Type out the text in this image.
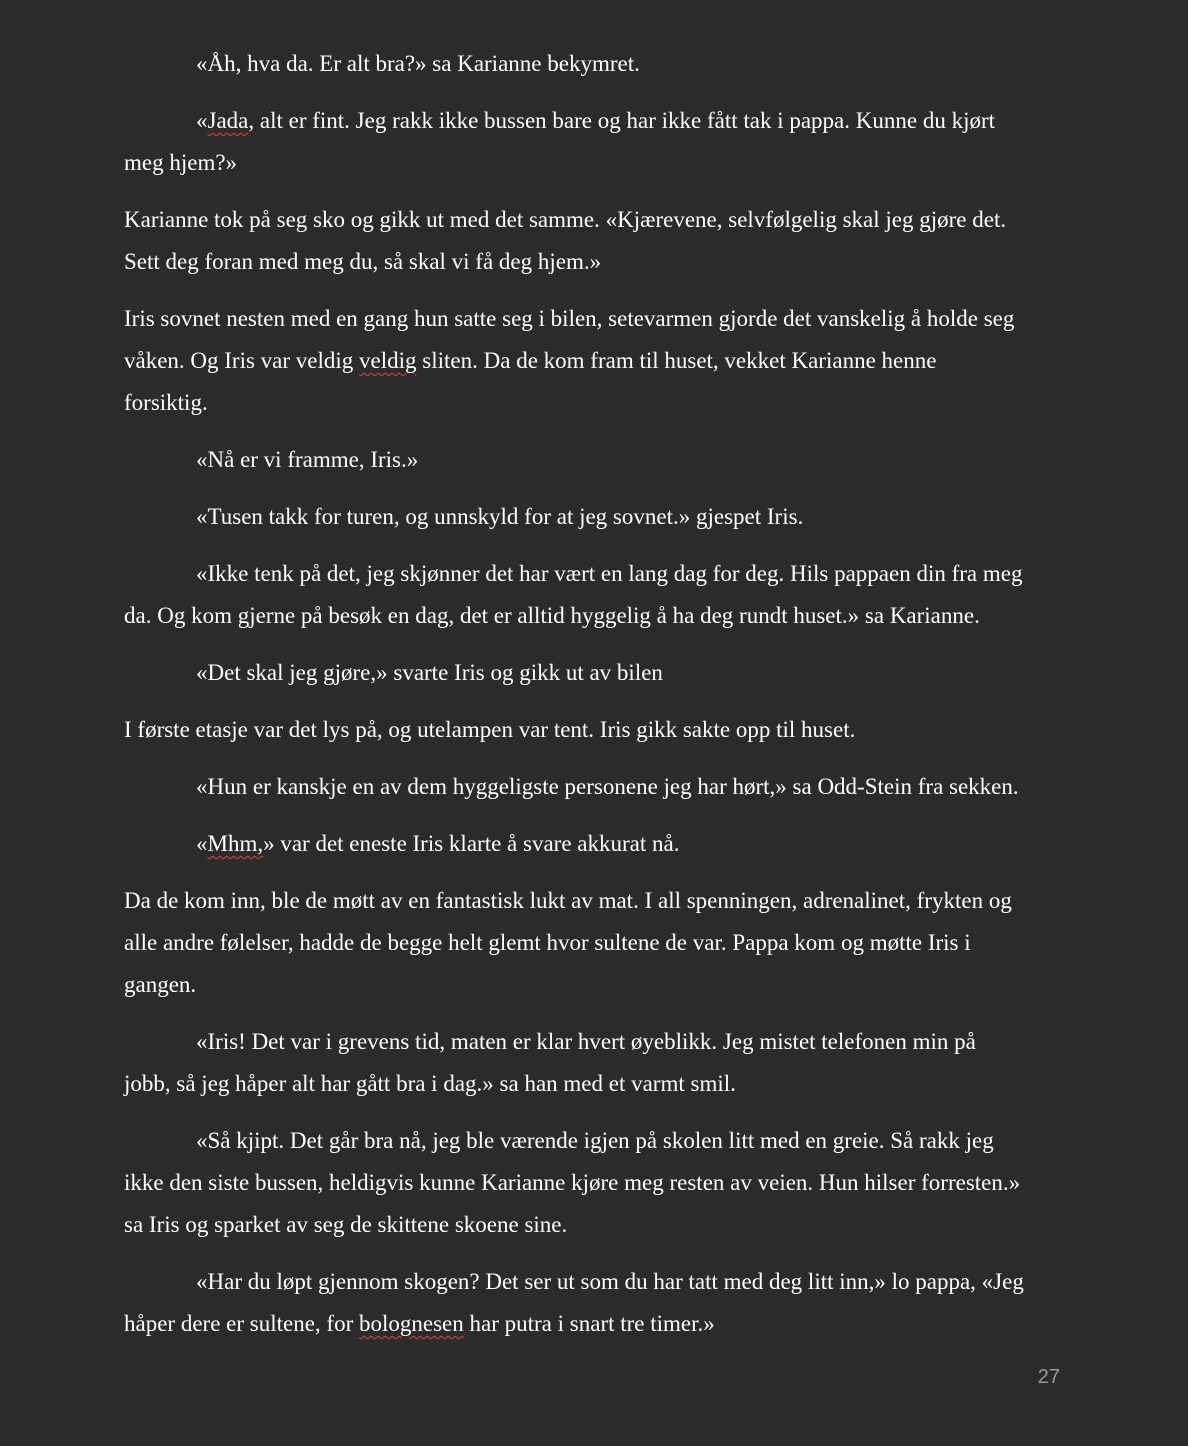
«Åh, hva da. Er alt bra?» sa Karianne bekymret.
«Jada, alt er fint. Jeg rakk ikke bussen bare og har ikke fått tak i pappa. Kunne du kjørt
meg hjem?»
Karianne tok på seg sko og gikk ut med det samme. «Kjærevene, selvfølgelig skal jeg gjøre det.
Sett deg foran med meg du, så skal vi få deg hjem.»
Iris sovnet nesten med en gang hun satte seg i bilen, setevarmen gjorde det vanskelig å holde seg
våken. Og Iris var veldig veldig sliten. Da de kom fram til huset, vekket Karianne henne
forsiktig.
«Nå er vi framme, Iris.»
«Tusen takk for turen, og unnskyld for at jeg sovnet.» gjespet Iris.
«Ikke tenk på det, jeg skjønner det har vært en lang dag for deg. Hils pappaen din fra meg
da. Og kom gjerne på besøk en dag, det er alltid hyggelig å ha deg rundt huset.» sa Karianne.
«Det skal jeg gjøre,» svarte Iris og gikk ut av bilen
I første etasje var det lys på, og utelampen var tent. Iris gikk sakte opp til huset.
«Hun er kanskje en av dem hyggeligste personene jeg har hørt,» sa Odd-Stein fra sekken.
«Mhm,» var det eneste Iris klarte å svare akkurat nå.
Da de kom inn, ble de møtt av en fantastisk lukt av mat. I all spenningen, adrenalinet, frykten og
alle andre følelser, hadde de begge helt glemt hvor sultene de var. Pappa kom og møtte Iris i
gangen.
«Iris! Det var i grevens tid, maten er klar hvert øyeblikk. Jeg mistet telefonen min på
jobb, så jeg håper alt har gått bra i dag.» sa han med et varmt smil.
«Så kjipt. Det går bra nå, jeg ble værende igjen på skolen litt med en greie. Så rakk jeg
ikke den siste bussen, heldigvis kunne Karianne kjøre meg resten av veien. Hun hilser forresten.»
sa Iris og sparket av seg de skittene skoene sine.
«Har du løpt gjennom skogen? Det ser ut som du har tatt med deg litt inn,» lo pappa, «Jeg
håper dere er sultene, for bolognesen har putra i snart tre timer.»
27
